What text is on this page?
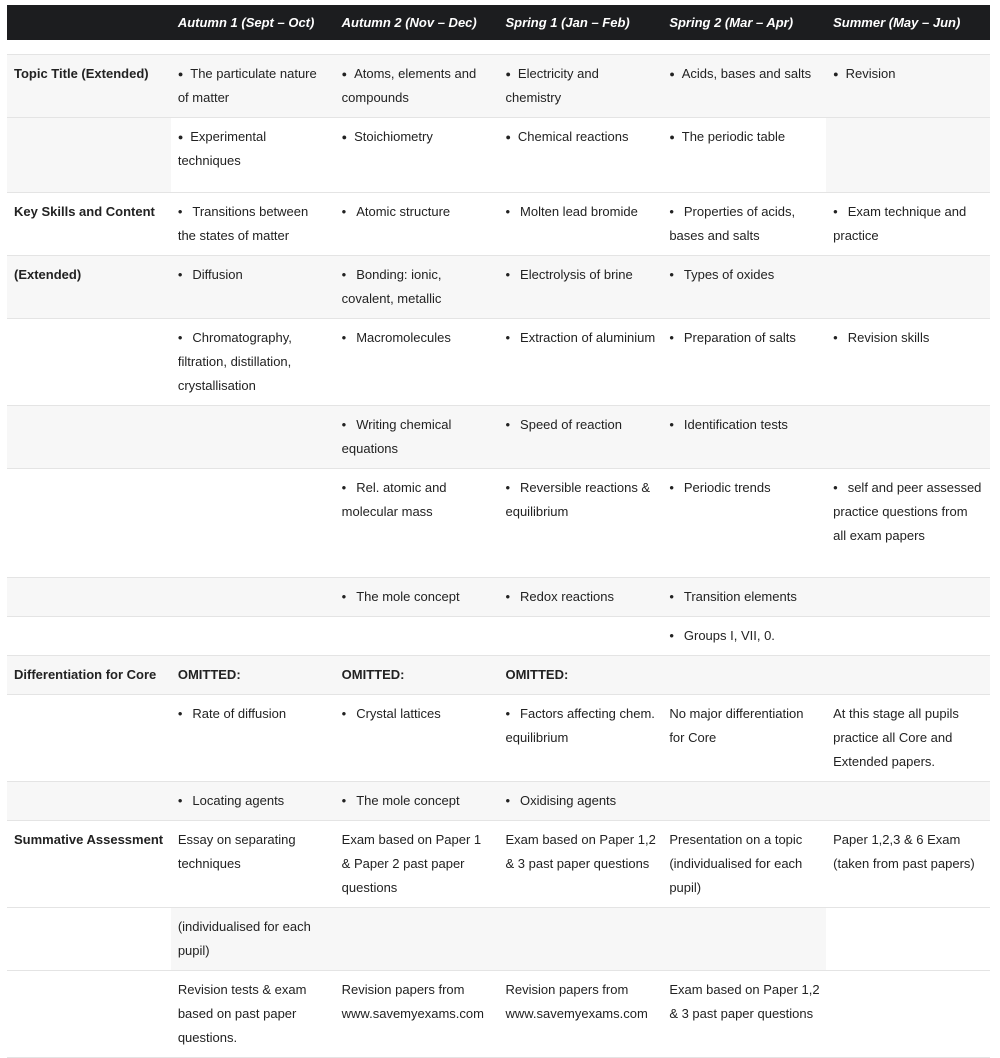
	Autumn 1 (Sept – Oct)	Autumn 2 (Nov – Dec)	Spring 1 (Jan – Feb)	Spring 2 (Mar – Apr)	Summer (May – Jun)

Topic Title (Extended)	● The particulate nature of matter	● Atoms, elements and compounds	● Electricity and chemistry	● Acids, bases and salts	● Revision
	● Experimental techniques	● Stoichiometry	● Chemical reactions	● The periodic table	
Key Skills and Content	• Transitions between the states of matter	• Atomic structure	• Molten lead bromide	• Properties of acids, bases and salts	• Exam technique and practice
(Extended)	• Diffusion	• Bonding: ionic, covalent, metallic	• Electrolysis of brine	• Types of oxides	
	• Chromatography, filtration, distillation, crystallisation	• Macromolecules	• Extraction of aluminium	• Preparation of salts	• Revision skills
		• Writing chemical equations	• Speed of reaction	• Identification tests	
		• Rel. atomic and molecular mass	• Reversible reactions & equilibrium	• Periodic trends	• self and peer assessed practice questions from all exam papers
		• The mole concept	• Redox reactions	• Transition elements	
				• Groups I, VII, 0.	
Differentiation for Core	OMITTED:	OMITTED:	OMITTED:		
	• Rate of diffusion	• Crystal lattices	• Factors affecting chem. equilibrium	No major differentiation for Core	At this stage all pupils practice all Core and Extended papers.
	• Locating agents	• The mole concept	• Oxidising agents		
Summative Assessment	Essay on separating techniques	Exam based on Paper 1 & Paper 2 past paper questions	Exam based on Paper 1,2 & 3 past paper questions	Presentation on a topic (individualised for each pupil)	Paper 1,2,3 & 6 Exam (taken from past papers)
	(individualised for each pupil)				
	Revision tests & exam based on past paper questions.	Revision papers from www.savemyexams.com	Revision papers from www.savemyexams.com	Exam based on Paper 1,2 & 3 past paper questions	
